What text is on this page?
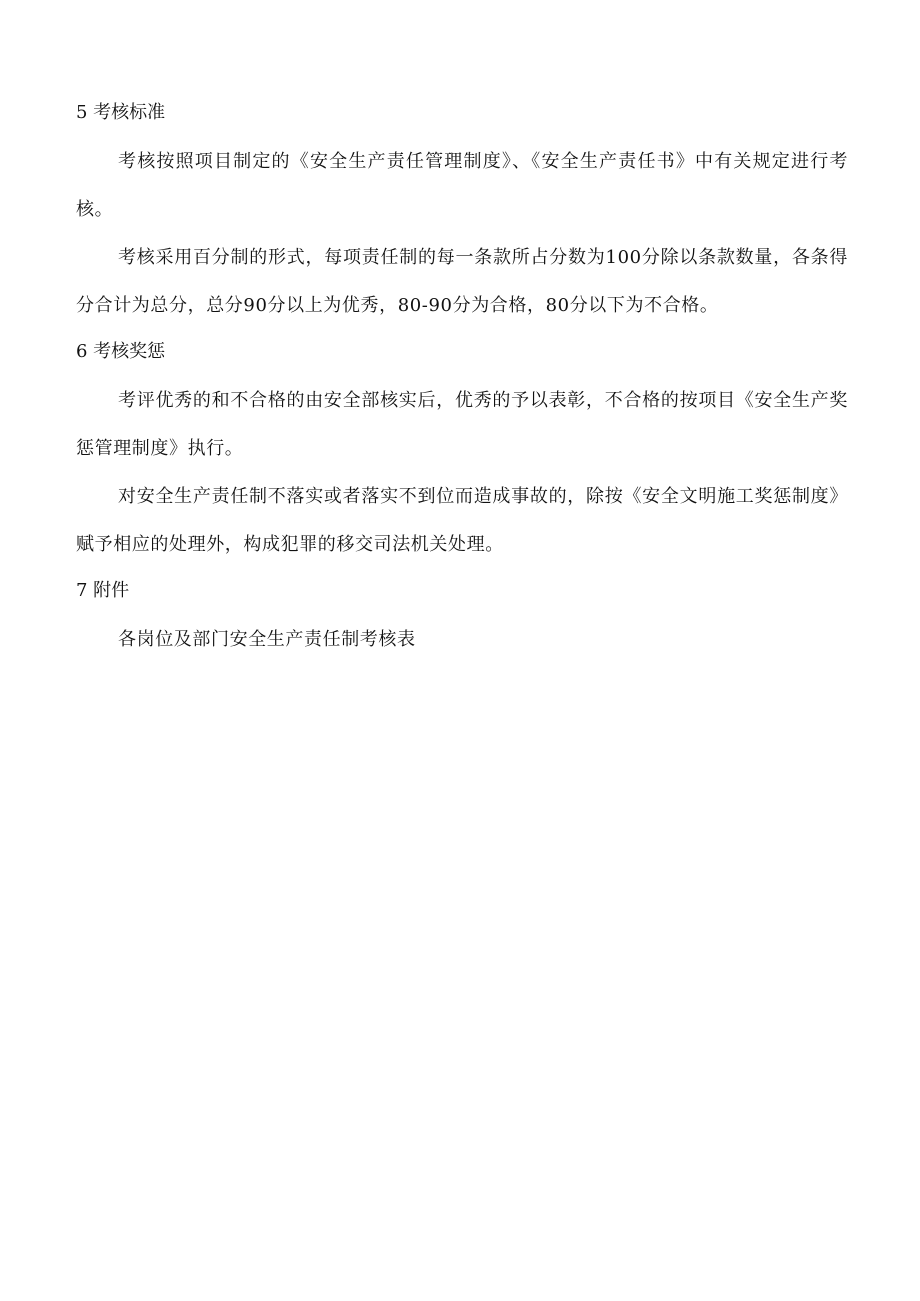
5 考核标准

考核按照项目制定的《安全生产责任管理制度》、《安全生产责任书》中有关规定进行考核。

考核采用百分制的形式，每项责任制的每一条款所占分数为100分除以条款数量，各条得分合计为总分，总分90分以上为优秀，80-90分为合格，80分以下为不合格。

6 考核奖惩

考评优秀的和不合格的由安全部核实后，优秀的予以表彰，不合格的按项目《安全生产奖惩管理制度》执行。

对安全生产责任制不落实或者落实不到位而造成事故的，除按《安全文明施工奖惩制度》赋予相应的处理外，构成犯罪的移交司法机关处理。

7 附件

各岗位及部门安全生产责任制考核表
